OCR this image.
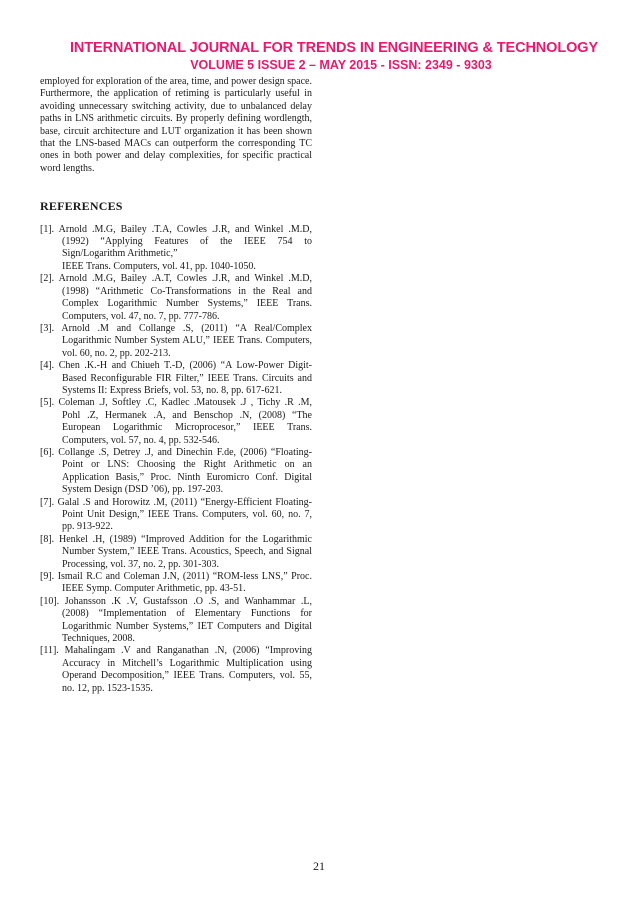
INTERNATIONAL JOURNAL FOR TRENDS IN ENGINEERING & TECHNOLOGY
VOLUME 5 ISSUE 2 – MAY 2015 - ISSN: 2349 - 9303

employed for exploration of the area, time, and power design space. Furthermore, the application of retiming is particularly useful in avoiding unnecessary switching activity, due to unbalanced delay paths in LNS arithmetic circuits. By properly defining wordlength, base, circuit architecture and LUT organization it has been shown that the LNS-based MACs can outperform the corresponding TC ones in both power and delay complexities, for specific practical word lengths.

REFERENCES
[1]. Arnold .M.G, Bailey .T.A, Cowles .J.R, and Winkel .M.D, (1992) “Applying Features of the IEEE 754 to Sign/Logarithm Arithmetic,”
IEEE Trans. Computers, vol. 41, pp. 1040-1050.
[2]. Arnold .M.G, Bailey .A.T, Cowles .J.R, and Winkel .M.D, (1998) “Arithmetic Co-Transformations in the Real and Complex Logarithmic Number Systems,” IEEE Trans. Computers, vol. 47, no. 7, pp. 777-786.
[3]. Arnold .M and Collange .S, (2011) “A Real/Complex Logarithmic Number System ALU,” IEEE Trans. Computers, vol. 60, no. 2, pp. 202-213.
[4]. Chen .K.-H and Chiueh T.-D, (2006) “A Low-Power Digit-Based Reconfigurable FIR Filter,” IEEE Trans. Circuits and Systems II: Express Briefs, vol. 53, no. 8, pp. 617-621.
[5]. Coleman .J, Softley .C, Kadlec .Matousek .J , Tichy .R .M, Pohl .Z, Hermanek .A, and Benschop .N, (2008) “The European Logarithmic Microprocesor,” IEEE Trans. Computers, vol. 57, no. 4, pp. 532-546.
[6]. Collange .S, Detrey .J, and Dinechin F.de, (2006) “Floating-Point or LNS: Choosing the Right Arithmetic on an Application Basis,” Proc. Ninth Euromicro Conf. Digital System Design (DSD ’06), pp. 197-203.
[7]. Galal .S and Horowitz .M, (2011) “Energy-Efficient Floating-Point Unit Design,” IEEE Trans. Computers, vol. 60, no. 7, pp. 913-922.
[8]. Henkel .H, (1989) “Improved Addition for the Logarithmic Number System,” IEEE Trans. Acoustics, Speech, and Signal Processing, vol. 37, no. 2, pp. 301-303.
[9]. Ismail R.C and Coleman J.N, (2011) “ROM-less LNS,” Proc. IEEE Symp. Computer Arithmetic, pp. 43-51.
[10]. Johansson .K .V, Gustafsson .O .S, and Wanhammar .L, (2008) “Implementation of Elementary Functions for Logarithmic Number Systems,” IET Computers and Digital Techniques, 2008.
[11]. Mahalingam .V and Ranganathan .N, (2006) “Improving Accuracy in Mitchell’s Logarithmic Multiplication using Operand Decomposition,” IEEE Trans. Computers, vol. 55, no. 12, pp. 1523-1535.
21
